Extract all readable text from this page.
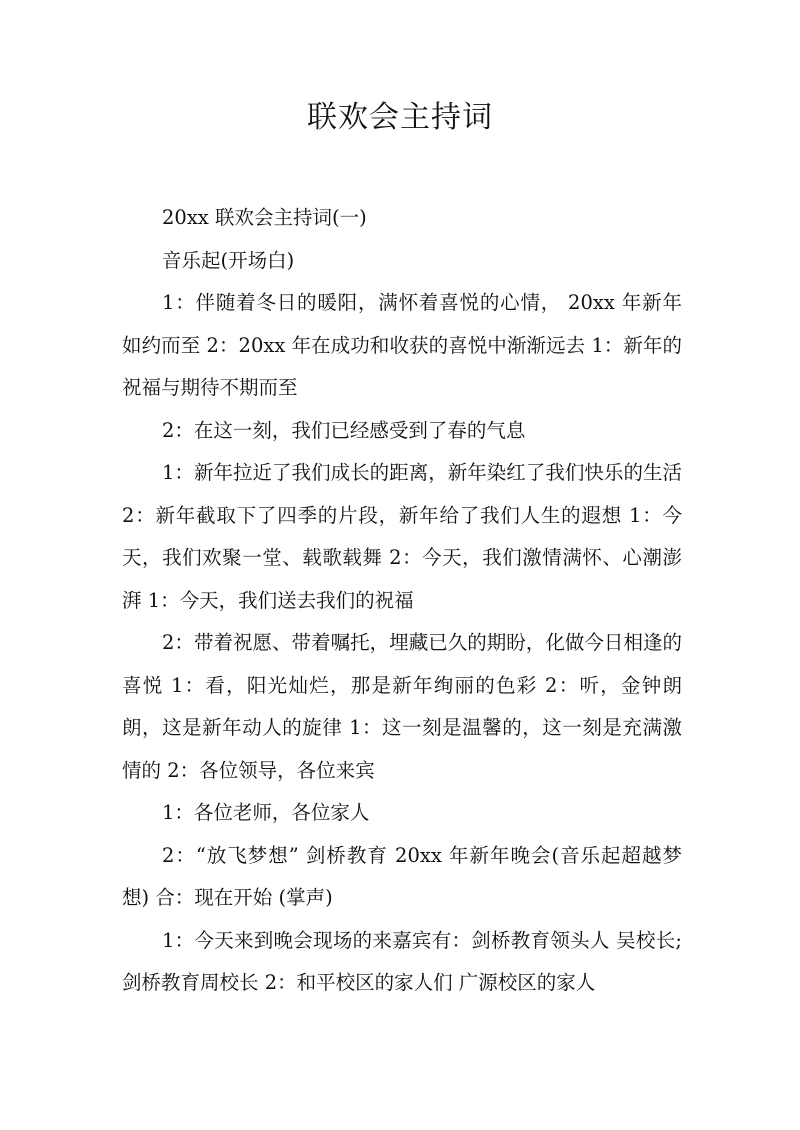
联欢会主持词

20xx 联欢会主持词(一)

音乐起(开场白)

1：伴随着冬日的暖阳，满怀着喜悦的心情， 20xx 年新年如约而至 2：20xx 年在成功和收获的喜悦中渐渐远去 1：新年的祝福与期待不期而至

2：在这一刻，我们已经感受到了春的气息

1：新年拉近了我们成长的距离，新年染红了我们快乐的生活 2：新年截取下了四季的片段，新年给了我们人生的遐想 1：今天，我们欢聚一堂、载歌载舞 2：今天，我们激情满怀、心潮澎湃 1：今天，我们送去我们的祝福

2：带着祝愿、带着嘱托，埋藏已久的期盼，化做今日相逢的喜悦 1：看，阳光灿烂，那是新年绚丽的色彩 2：听，金钟朗朗，这是新年动人的旋律 1：这一刻是温馨的，这一刻是充满激情的 2：各位领导，各位来宾

1：各位老师，各位家人

2：“放飞梦想” 剑桥教育 20xx 年新年晚会(音乐起超越梦想) 合：现在开始 (掌声)

1：今天来到晚会现场的来嘉宾有：剑桥教育领头人 吴校长;剑桥教育周校长 2：和平校区的家人们 广源校区的家人
